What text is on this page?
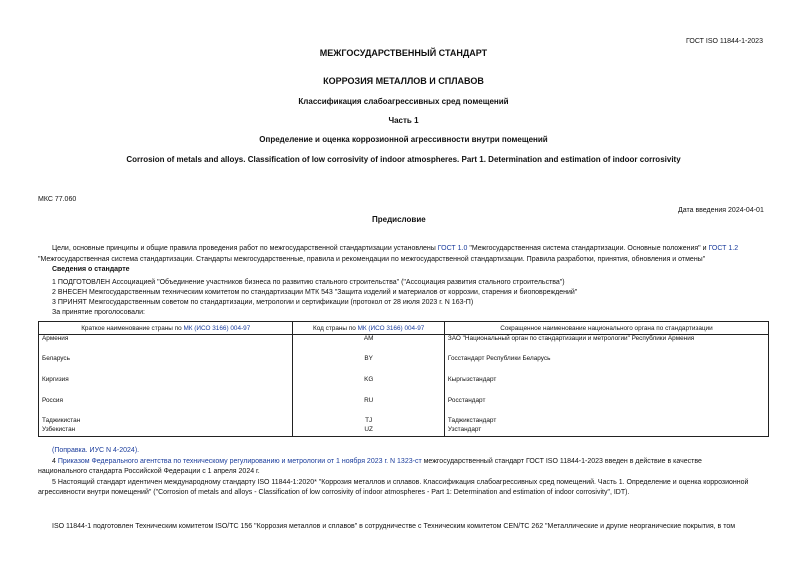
ГОСТ ISO 11844-1-2023
МЕЖГОСУДАРСТВЕННЫЙ СТАНДАРТ
КОРРОЗИЯ МЕТАЛЛОВ И СПЛАВОВ
Классификация слабоагрессивных сред помещений
Часть 1
Определение и оценка коррозионной агрессивности внутри помещений
Corrosion of metals and alloys. Classification of low corrosivity of indoor atmospheres. Part 1. Determination and estimation of indoor corrosivity
МКС 77.060
Дата введения 2024-04-01
Предисловие
Цели, основные принципы и общие правила проведения работ по межгосударственной стандартизации установлены ГОСТ 1.0 "Межгосударственная система стандартизации. Основные положения" и ГОСТ 1.2
"Межгосударственная система стандартизации. Стандарты межгосударственные, правила и рекомендации по межгосударственной стандартизации. Правила разработки, принятия, обновления и отмены"
Сведения о стандарте
1 ПОДГОТОВЛЕН Ассоциацией "Объединение участников бизнеса по развитию стального строительства" ("Ассоциация развития стального строительства")
2 ВНЕСЕН Межгосударственным техническим комитетом по стандартизации МТК 543 "Защита изделий и материалов от коррозии, старения и биоповреждений"
3 ПРИНЯТ Межгосударственным советом по стандартизации, метрологии и сертификации (протокол от 28 июля 2023 г. N 163-П)
За принятие проголосовали:
Краткое наименование страны по МК (ИСО 3166) 004-97	Код страны по МК (ИСО 3166) 004-97	Сокращенное наименование национального органа по стандартизации
Армения	AM	ЗАО "Национальный орган по стандартизации и метрологии" Республики Армения
Беларусь	BY	Госстандарт Республики Беларусь
Киргизия	KG	Кыргызстандарт
Россия	RU	Росстандарт
Таджикистан	TJ	Таджикстандарт
Узбекистан	UZ	Узстандарт
(Поправка. ИУС N 4-2024).
4 Приказом Федерального агентства по техническому регулированию и метрологии от 1 ноября 2023 г. N 1323-ст межгосударственный стандарт ГОСТ ISO 11844-1-2023 введен в действие в качестве
национального стандарта Российской Федерации с 1 апреля 2024 г.
5 Настоящий стандарт идентичен международному стандарту ISO 11844-1:2020* "Коррозия металлов и сплавов. Классификация слабоагрессивных сред помещений. Часть 1. Определение и оценка коррозионной
агрессивности внутри помещений" ("Corrosion of metals and alloys - Classification of low corrosivity of indoor atmospheres - Part 1: Determination and estimation of indoor corrosivity", IDT).
ISO 11844-1 подготовлен Техническим комитетом ISO/TC 156 "Коррозия металлов и сплавов" в сотрудничестве с Техническим комитетом CEN/TC 262 "Металлические и другие неорганические покрытия, в том
